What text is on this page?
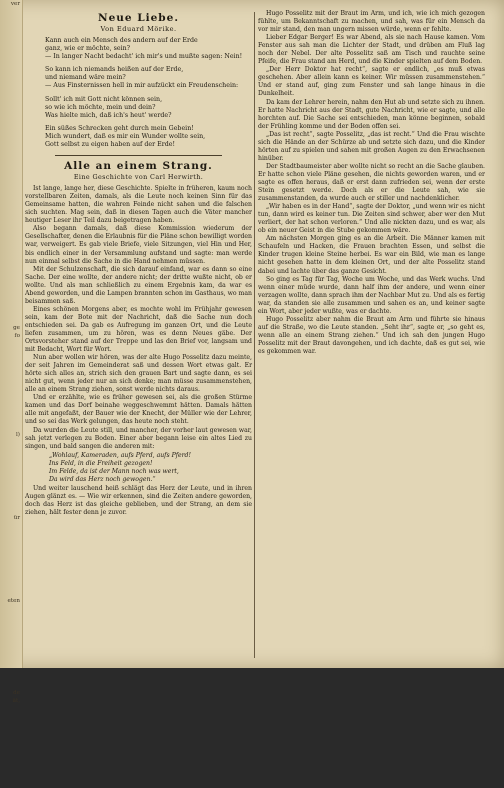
ver

ge
fo

l)

ür

eten

de
ät,

Neue Liebe.
Von Eduard Mörike.
Kann auch ein Mensch des andern auf der Erde
ganz, wie er möchte, sein?
— In langer Nacht bedacht' ich mir's und mußte sagen: Nein!
So kann ich niemands heißen auf der Erde,
und niemand wäre mein?
— Aus Finsternissen hell in mir aufzückt ein Freudenschein:
Sollt' ich mit Gott nicht können sein,
so wie ich möchte, mein und dein?
Was hielte mich, daß ich's heut' werde?
Ein süßes Schrecken geht durch mein Gebein!
Mich wundert, daß es mir ein Wunder wollte sein,
Gott selbst zu eigen haben auf der Erde!
Alle an einem Strang.
Eine Geschichte von Carl Herwirth.

Ist lange, lange her, diese Geschichte. Spielte in früheren, kaum noch vorstellbaren Zeiten, damals, als die Leute noch keinen Sinn für das Gemeinsame hatten, die wahren Feinde nicht sahen und die falschen sich suchten. Mag sein, daß in diesen Tagen auch die Väter mancher heutiger Leser ihr Teil dazu beigetragen haben.

Also begann damals, daß diese Kommission wiederum der Gesellschafter, denen die Erlaubnis für die Pläne schon bewilligt worden war, verweigert. Es gab viele Briefe, viele Sitzungen, viel Hin und Her, bis endlich einer in der Versammlung aufstand und sagte: man werde nun einmal selbst die Sache in die Hand nehmen müssen.

Mit der Schulzenschaft, die sich darauf einfand, war es dann so eine Sache. Der eine wollte, der andere nicht; der dritte wußte nicht, ob er wollte. Und als man schließlich zu einem Ergebnis kam, da war es Abend geworden, und die Lampen brannten schon im Gasthaus, wo man beisammen saß.

Eines schönen Morgens aber, es mochte wohl im Frühjahr gewesen sein, kam der Bote mit der Nachricht, daß die Sache nun doch entschieden sei. Da gab es Aufregung im ganzen Ort, und die Leute liefen zusammen, um zu hören, was es denn Neues gäbe. Der Ortsvorsteher stand auf der Treppe und las den Brief vor, langsam und mit Bedacht, Wort für Wort.

Nun aber wollen wir hören, was der alte Hugo Posselitz dazu meinte, der seit Jahren im Gemeinderat saß und dessen Wort etwas galt. Er hörte sich alles an, strich sich den grauen Bart und sagte dann, es sei nicht gut, wenn jeder nur an sich denke; man müsse zusammenstehen, alle an einem Strang ziehen, sonst werde nichts daraus.

Und er erzählte, wie es früher gewesen sei, als die großen Stürme kamen und das Dorf beinahe weggeschwemmt hätten. Damals hätten alle mit angefaßt, der Bauer wie der Knecht, der Müller wie der Lehrer, und so sei das Werk gelungen, das heute noch steht.

Da wurden die Leute still, und mancher, der vorher laut gewesen war, sah jetzt verlegen zu Boden. Einer aber begann leise ein altes Lied zu singen, und bald sangen die anderen mit:

„Wohlauf, Kameraden, aufs Pferd, aufs Pferd!
Ins Feld, in die Freiheit gezogen!
Im Felde, da ist der Mann noch was wert,
Da wird das Herz noch gewogen.“

Und weiter lauschend heiß schlägt das Herz der Leute, und in ihren Augen glänzt es. — Wie wir erkennen, sind die Zeiten andere geworden, doch das Herz ist das gleiche geblieben, und der Strang, an dem sie ziehen, hält fester denn je zuvor.

Hugo Posselitz mit der Braut im Arm, und ich, wie ich mich gezogen fühlte, um Bekanntschaft zu machen, und sah, was für ein Mensch da vor mir stand, den man ungern missen würde, wenn er fehlte.

Lieber Edgar Berger! Es war Abend, als sie nach Hause kamen. Vom Fenster aus sah man die Lichter der Stadt, und drüben am Fluß lag noch der Nebel. Der alte Posselitz saß am Tisch und rauchte seine Pfeife, die Frau stand am Herd, und die Kinder spielten auf dem Boden.

„Der Herr Doktor hat recht“, sagte er endlich, „es muß etwas geschehen. Aber allein kann es keiner. Wir müssen zusammenstehen.“ Und er stand auf, ging zum Fenster und sah lange hinaus in die Dunkelheit.

Da kam der Lehrer herein, nahm den Hut ab und setzte sich zu ihnen. Er hatte Nachricht aus der Stadt, gute Nachricht, wie er sagte, und alle horchten auf. Die Sache sei entschieden, man könne beginnen, sobald der Frühling komme und der Boden offen sei.

„Das ist recht“, sagte Posselitz, „das ist recht.“ Und die Frau wischte sich die Hände an der Schürze ab und setzte sich dazu, und die Kinder hörten auf zu spielen und sahen mit großen Augen zu den Erwachsenen hinüber.

Der Stadtbaumeister aber wollte nicht so recht an die Sache glauben. Er hatte schon viele Pläne gesehen, die nichts geworden waren, und er sagte es offen heraus, daß er erst dann zufrieden sei, wenn der erste Stein gesetzt werde. Doch als er die Leute sah, wie sie zusammenstanden, da wurde auch er stiller und nachdenklicher.

„Wir haben es in der Hand“, sagte der Doktor, „und wenn wir es nicht tun, dann wird es keiner tun. Die Zeiten sind schwer, aber wer den Mut verliert, der hat schon verloren.“ Und alle nickten dazu, und es war, als ob ein neuer Geist in die Stube gekommen wäre.

Am nächsten Morgen ging es an die Arbeit. Die Männer kamen mit Schaufeln und Hacken, die Frauen brachten Essen, und selbst die Kinder trugen kleine Steine herbei. Es war ein Bild, wie man es lange nicht gesehen hatte in dem kleinen Ort, und der alte Posselitz stand dabei und lachte über das ganze Gesicht.

So ging es Tag für Tag, Woche um Woche, und das Werk wuchs. Und wenn einer müde wurde, dann half ihm der andere, und wenn einer verzagen wollte, dann sprach ihm der Nachbar Mut zu. Und als es fertig war, da standen sie alle zusammen und sahen es an, und keiner sagte ein Wort, aber jeder wußte, was er dachte.

Hugo Posselitz aber nahm die Braut am Arm und führte sie hinaus auf die Straße, wo die Leute standen. „Seht ihr“, sagte er, „so geht es, wenn alle an einem Strang ziehen.“ Und ich sah den jungen Hugo Posselitz mit der Braut davongehen, und ich dachte, daß es gut sei, wie es gekommen war.
